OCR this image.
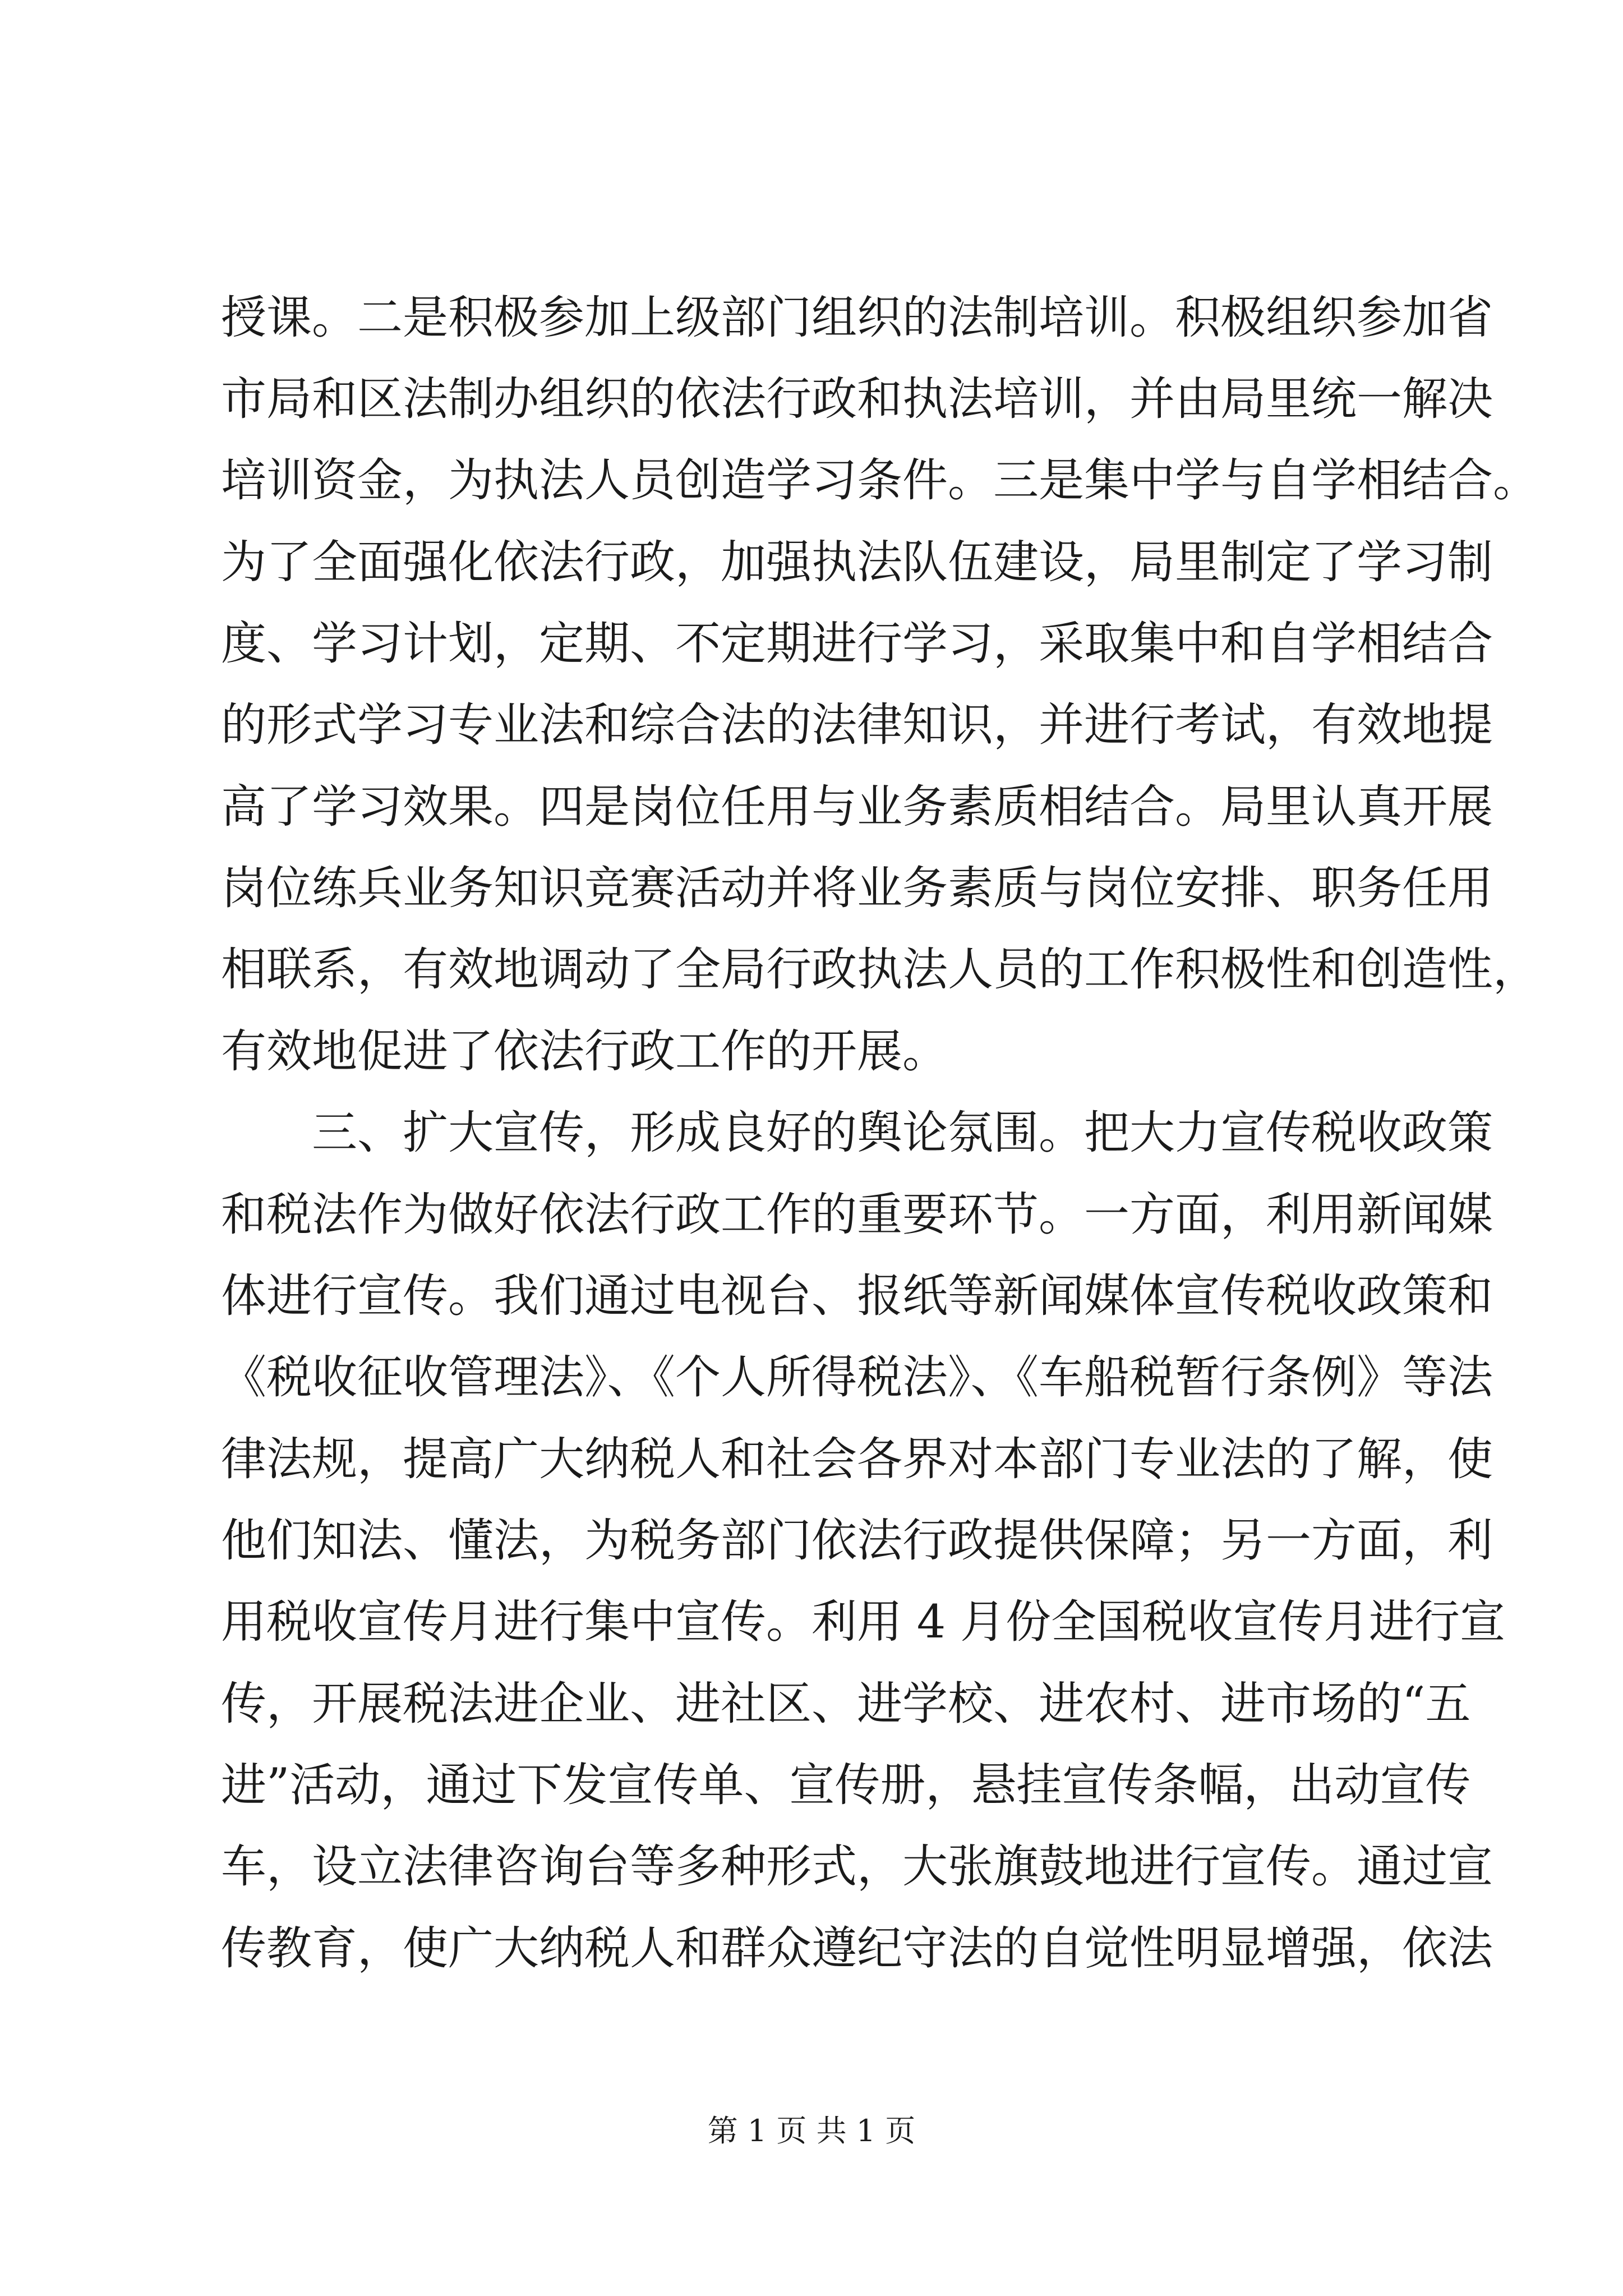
授课。二是积极参加上级部门组织的法制培训。积极组织参加省
市局和区法制办组织的依法行政和执法培训，并由局里统一解决
培训资金，为执法人员创造学习条件。三是集中学与自学相结合。
为了全面强化依法行政，加强执法队伍建设，局里制定了学习制
度、学习计划，定期、不定期进行学习，采取集中和自学相结合
的形式学习专业法和综合法的法律知识，并进行考试，有效地提
高了学习效果。四是岗位任用与业务素质相结合。局里认真开展
岗位练兵业务知识竞赛活动并将业务素质与岗位安排、职务任用
相联系，有效地调动了全局行政执法人员的工作积极性和创造性，
有效地促进了依法行政工作的开展。
三、扩大宣传，形成良好的舆论氛围。把大力宣传税收政策
和税法作为做好依法行政工作的重要环节。一方面，利用新闻媒
体进行宣传。我们通过电视台、报纸等新闻媒体宣传税收政策和
《税收征收管理法》、《个人所得税法》、《车船税暂行条例》等法
律法规，提高广大纳税人和社会各界对本部门专业法的了解，使
他们知法、懂法，为税务部门依法行政提供保障；另一方面，利
用税收宣传月进行集中宣传。利用 4 月份全国税收宣传月进行宣
传，开展税法进企业、进社区、进学校、进农村、进市场的“五
进”活动，通过下发宣传单、宣传册，悬挂宣传条幅，出动宣传
车，设立法律咨询台等多种形式，大张旗鼓地进行宣传。通过宣
传教育，使广大纳税人和群众遵纪守法的自觉性明显增强，依法
第 1 页 共 1 页
